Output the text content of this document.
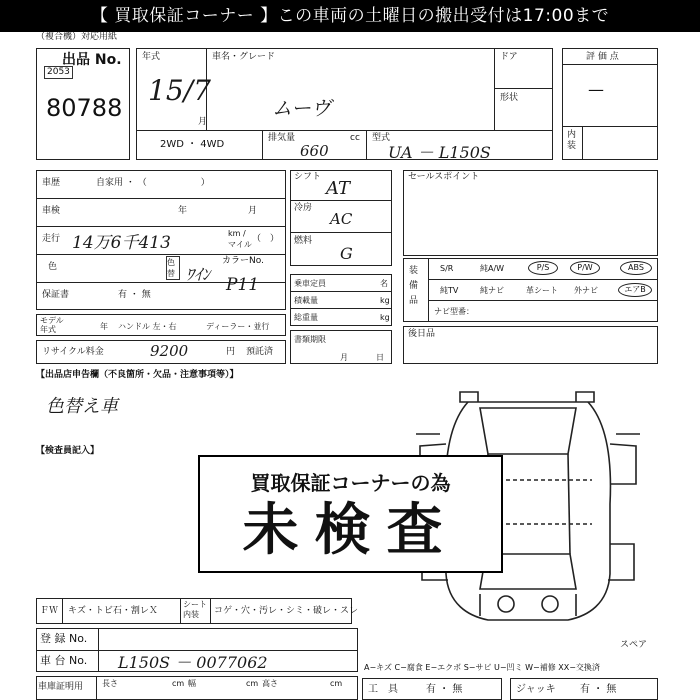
【 買取保証コーナー 】この車両の土曜日の搬出受付は17:00まで
（複合機）対応用紙
出品 No.
2053
80788
年式
15/7
月
車名・グレード
ムーヴ
ドア
形状
2WD ・ 4WD
排気量	cc
660
型式
UA － L150S
評 価 点
—
内装
車歴	自家用 ・ （　　　　　　）
車検	年	月
走行 14万6千413	km / マイル
（　）
色	色替 ﾜｲﾝ
カラーNo.
P11
保証書	有 ・ 無
モデル年式	年 ハンドル 左・右	ディーラー・並行
リサイクル料金	9200	円 預託済
シフト
AT
冷房
AC
燃料
G
乗車定員	名
積載量	kg
総重量	kg
書類期限
月	日
セールスポイント
装備品
S/R	純A/W	P/S	P/W	ABS
純TV	純ナビ	革シート 外ナビ	エアB
ナビ型番：
後日品
【出品店申告欄（不良箇所・欠品・注意事項等）】
色替え車
【検査員記入】
買取保証コーナーの為
未検査
ＦＷ キズ・トビ石・割レＸ
シート内装	コゲ・穴・汚レ・シミ・破レ・スレ
登 録 No.
車 台 No. L150S － 0077062
スペア
A−キズ C−腐食 E−エクボ S−サビ U−凹ミ W−補修 XX−交換済
車庫証明用 長さ	cm 幅	cm 高さ	cm
工　具	有 ・ 無	ジャッキ 有 ・ 無
